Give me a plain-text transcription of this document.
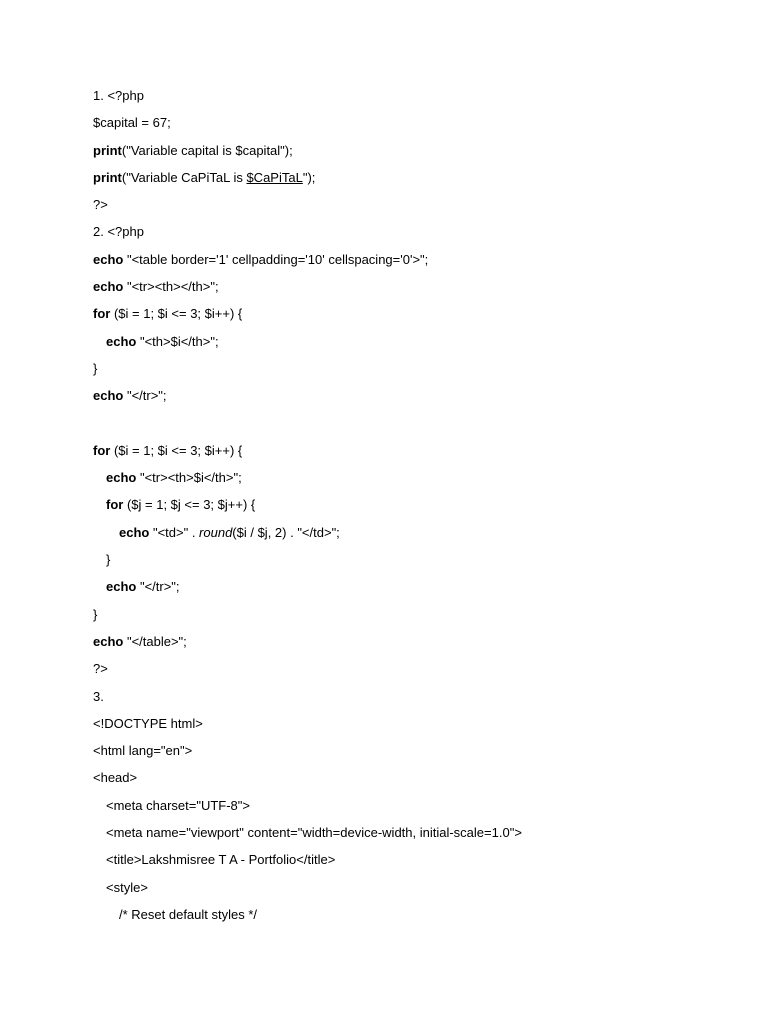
1. <?php
$capital = 67;
print("Variable capital is $capital");
print("Variable CaPiTaL is $CaPiTaL");
?>
2. <?php
echo "<table border='1' cellpadding='10' cellspacing='0'>";
echo "<tr><th></th>";
for ($i = 1; $i <= 3; $i++) {
echo "<th>$i</th>";
}
echo "</tr>";
for ($i = 1; $i <= 3; $i++) {
echo "<tr><th>$i</th>";
for ($j = 1; $j <= 3; $j++) {
echo "<td>" . round($i / $j, 2) . "</td>";
}
echo "</tr>";
}
echo "</table>";
?>
3.
<!DOCTYPE html>
<html lang="en">
<head>
<meta charset="UTF-8">
<meta name="viewport" content="width=device-width, initial-scale=1.0">
<title>Lakshmisree T A - Portfolio</title>
<style>
/* Reset default styles */
